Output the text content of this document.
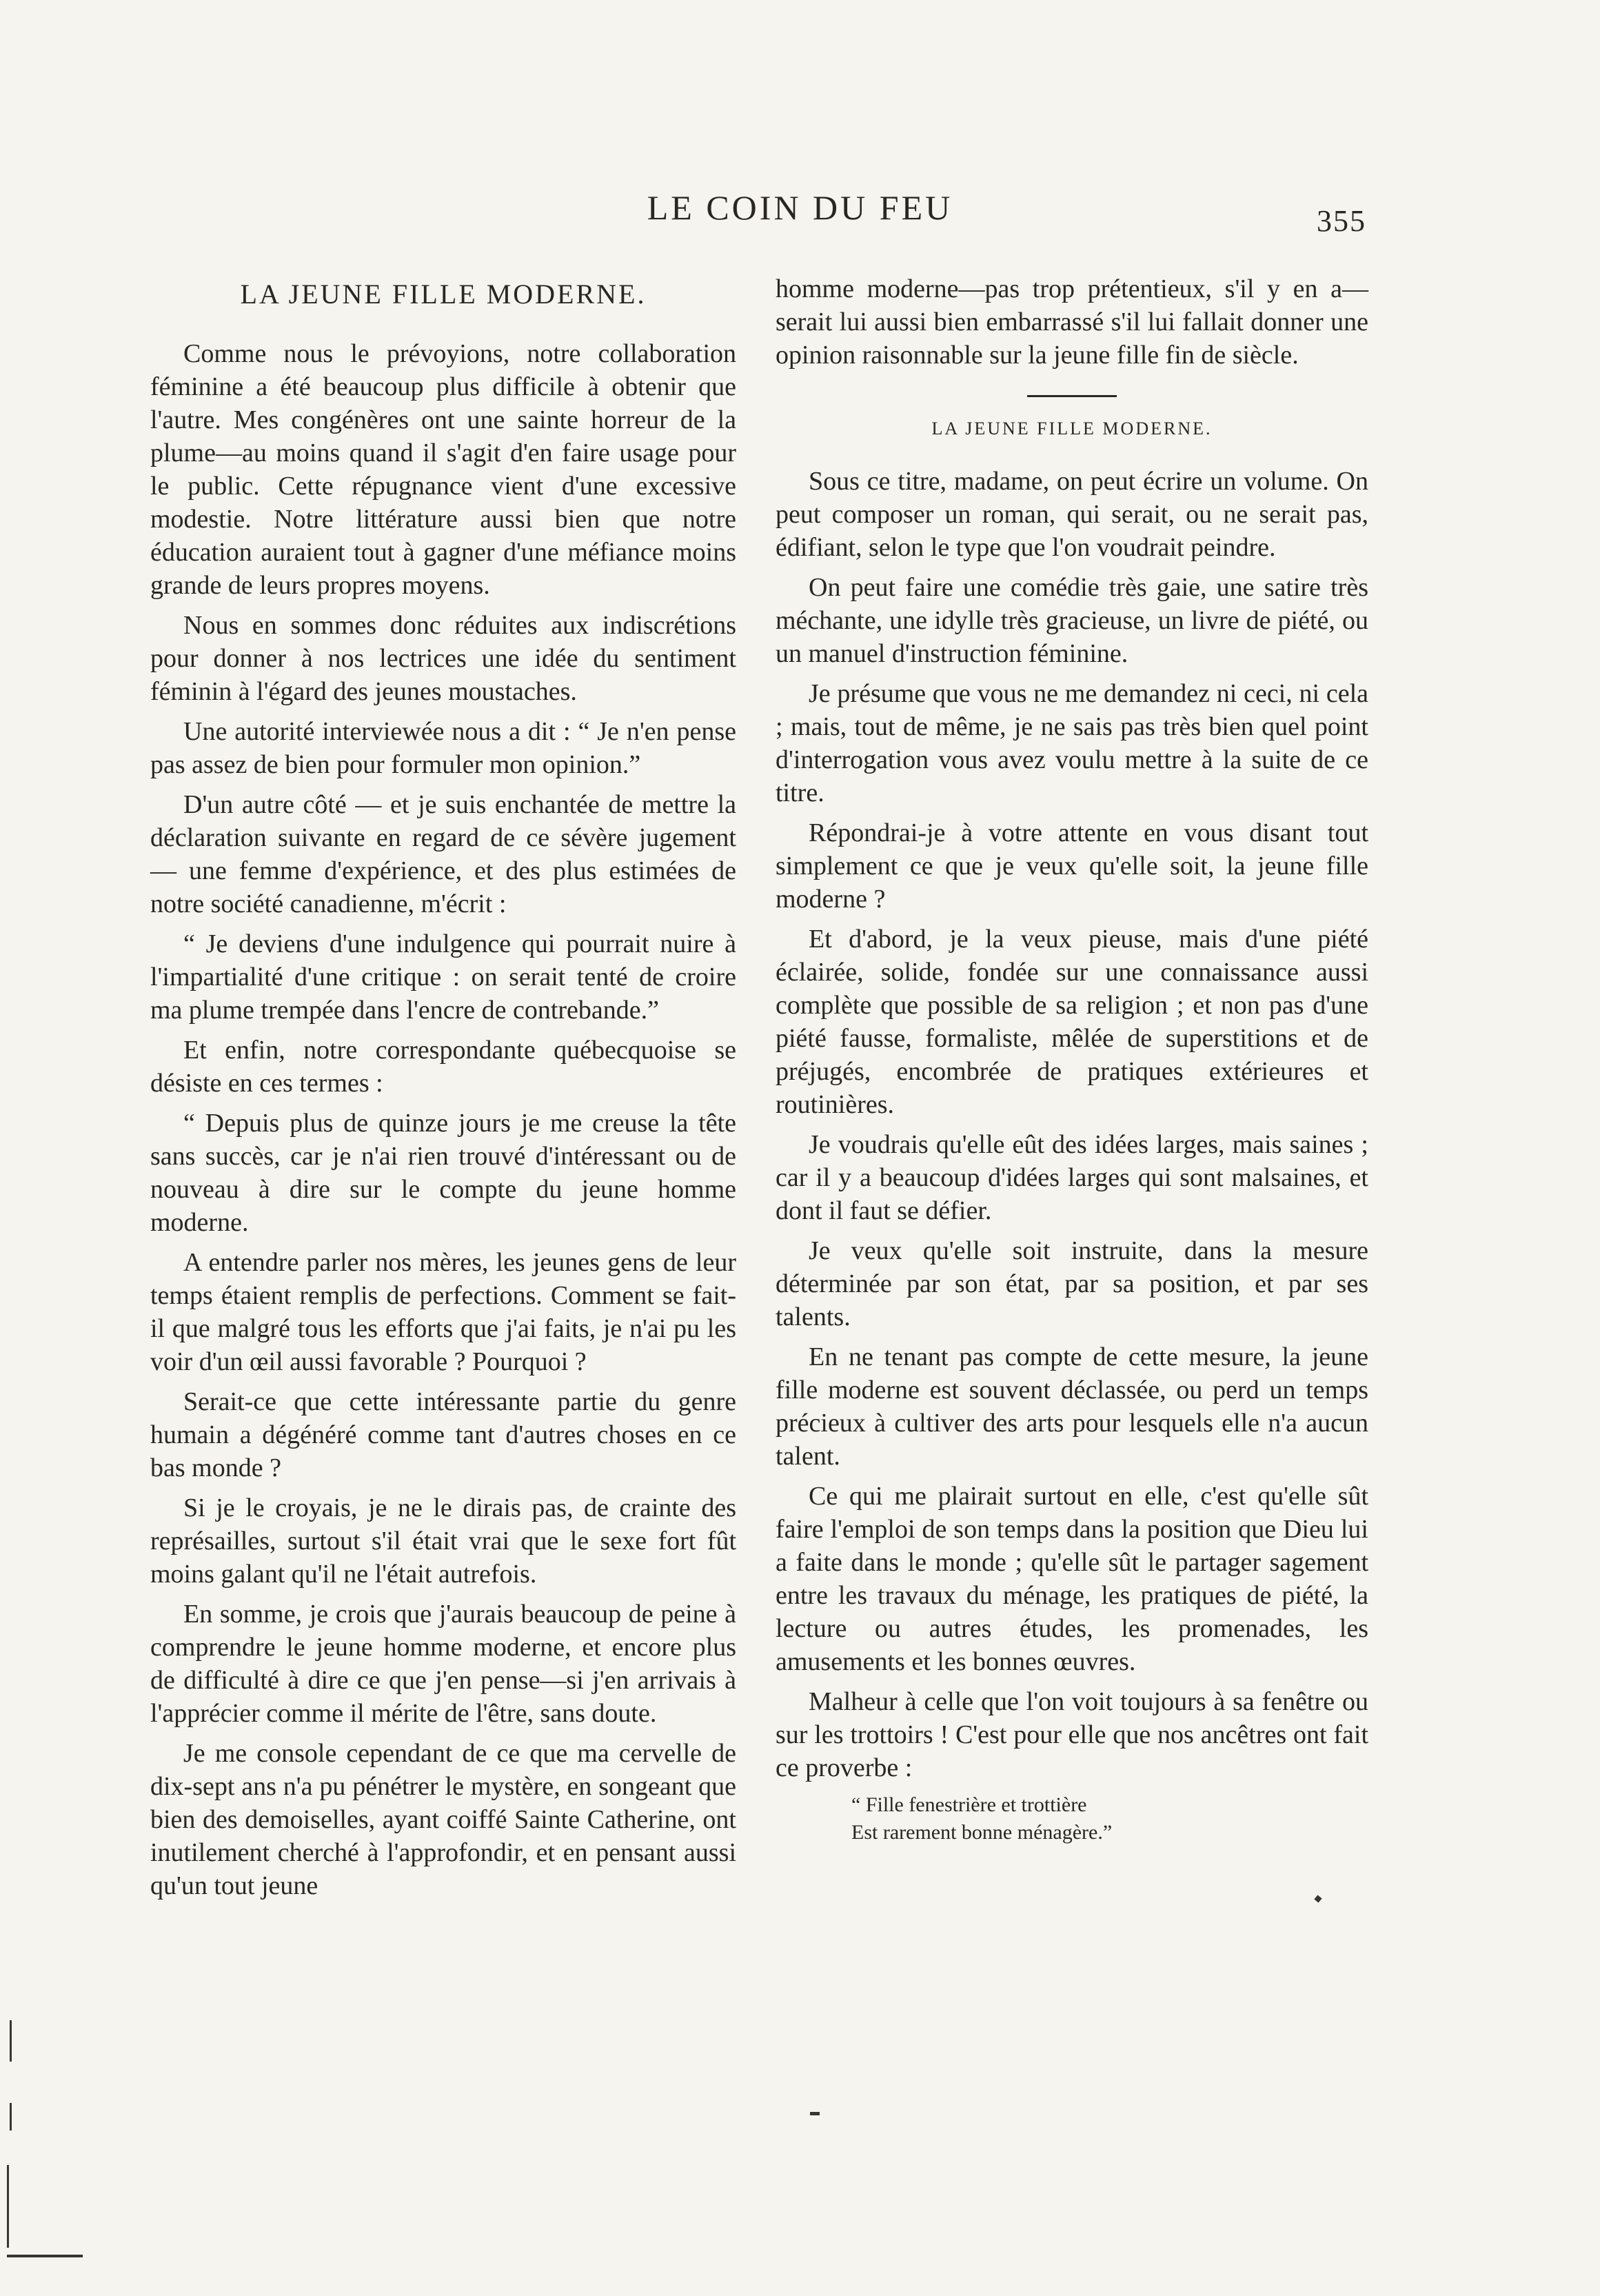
LE COIN DU FEU	355
LA JEUNE FILLE MODERNE.

Comme nous le prévoyions, notre collaboration féminine a été beaucoup plus difficile à obtenir que l'autre. Mes congénères ont une sainte horreur de la plume—au moins quand il s'agit d'en faire usage pour le public. Cette répugnance vient d'une excessive modestie. Notre littérature aussi bien que notre éducation auraient tout à gagner d'une méfiance moins grande de leurs propres moyens.

Nous en sommes donc réduites aux indiscrétions pour donner à nos lectrices une idée du sentiment féminin à l'égard des jeunes moustaches.

Une autorité interviewée nous a dit : “ Je n'en pense pas assez de bien pour formuler mon opinion.”

D'un autre côté — et je suis enchantée de mettre la déclaration suivante en regard de ce sévère jugement — une femme d'expérience, et des plus estimées de notre société canadienne, m'écrit :

“ Je deviens d'une indulgence qui pourrait nuire à l'impartialité d'une critique : on serait tenté de croire ma plume trempée dans l'encre de contrebande.”

Et enfin, notre correspondante québecquoise se désiste en ces termes :

“ Depuis plus de quinze jours je me creuse la tête sans succès, car je n'ai rien trouvé d'intéressant ou de nouveau à dire sur le compte du jeune homme moderne.

A entendre parler nos mères, les jeunes gens de leur temps étaient remplis de perfections. Comment se fait-il que malgré tous les efforts que j'ai faits, je n'ai pu les voir d'un œil aussi favorable ? Pourquoi ?

Serait-ce que cette intéressante partie du genre humain a dégénéré comme tant d'autres choses en ce bas monde ?

Si je le croyais, je ne le dirais pas, de crainte des représailles, surtout s'il était vrai que le sexe fort fût moins galant qu'il ne l'était autrefois.

En somme, je crois que j'aurais beaucoup de peine à comprendre le jeune homme moderne, et encore plus de difficulté à dire ce que j'en pense—si j'en arrivais à l'apprécier comme il mérite de l'être, sans doute.

Je me console cependant de ce que ma cervelle de dix-sept ans n'a pu pénétrer le mystère, en songeant que bien des demoiselles, ayant coiffé Sainte Catherine, ont inutilement cherché à l'approfondir, et en pensant aussi qu'un tout jeune

homme moderne—pas trop prétentieux, s'il y en a—serait lui aussi bien embarrassé s'il lui fallait donner une opinion raisonnable sur la jeune fille fin de siècle.

LA JEUNE FILLE MODERNE.

Sous ce titre, madame, on peut écrire un volume. On peut composer un roman, qui serait, ou ne serait pas, édifiant, selon le type que l'on voudrait peindre.

On peut faire une comédie très gaie, une satire très méchante, une idylle très gracieuse, un livre de piété, ou un manuel d'instruction féminine.

Je présume que vous ne me demandez ni ceci, ni cela ; mais, tout de même, je ne sais pas très bien quel point d'interrogation vous avez voulu mettre à la suite de ce titre.

Répondrai-je à votre attente en vous disant tout simplement ce que je veux qu'elle soit, la jeune fille moderne ?

Et d'abord, je la veux pieuse, mais d'une piété éclairée, solide, fondée sur une connaissance aussi complète que possible de sa religion ; et non pas d'une piété fausse, formaliste, mêlée de superstitions et de préjugés, encombrée de pratiques extérieures et routinières.

Je voudrais qu'elle eût des idées larges, mais saines ; car il y a beaucoup d'idées larges qui sont malsaines, et dont il faut se défier.

Je veux qu'elle soit instruite, dans la mesure déterminée par son état, par sa position, et par ses talents.

En ne tenant pas compte de cette mesure, la jeune fille moderne est souvent déclassée, ou perd un temps précieux à cultiver des arts pour lesquels elle n'a aucun talent.

Ce qui me plairait surtout en elle, c'est qu'elle sût faire l'emploi de son temps dans la position que Dieu lui a faite dans le monde ; qu'elle sût le partager sagement entre les travaux du ménage, les pratiques de piété, la lecture ou autres études, les promenades, les amusements et les bonnes œuvres.

Malheur à celle que l'on voit toujours à sa fenêtre ou sur les trottoirs ! C'est pour elle que nos ancêtres ont fait ce proverbe :

“ Fille fenestrière et trottière
Est rarement bonne ménagère.”
